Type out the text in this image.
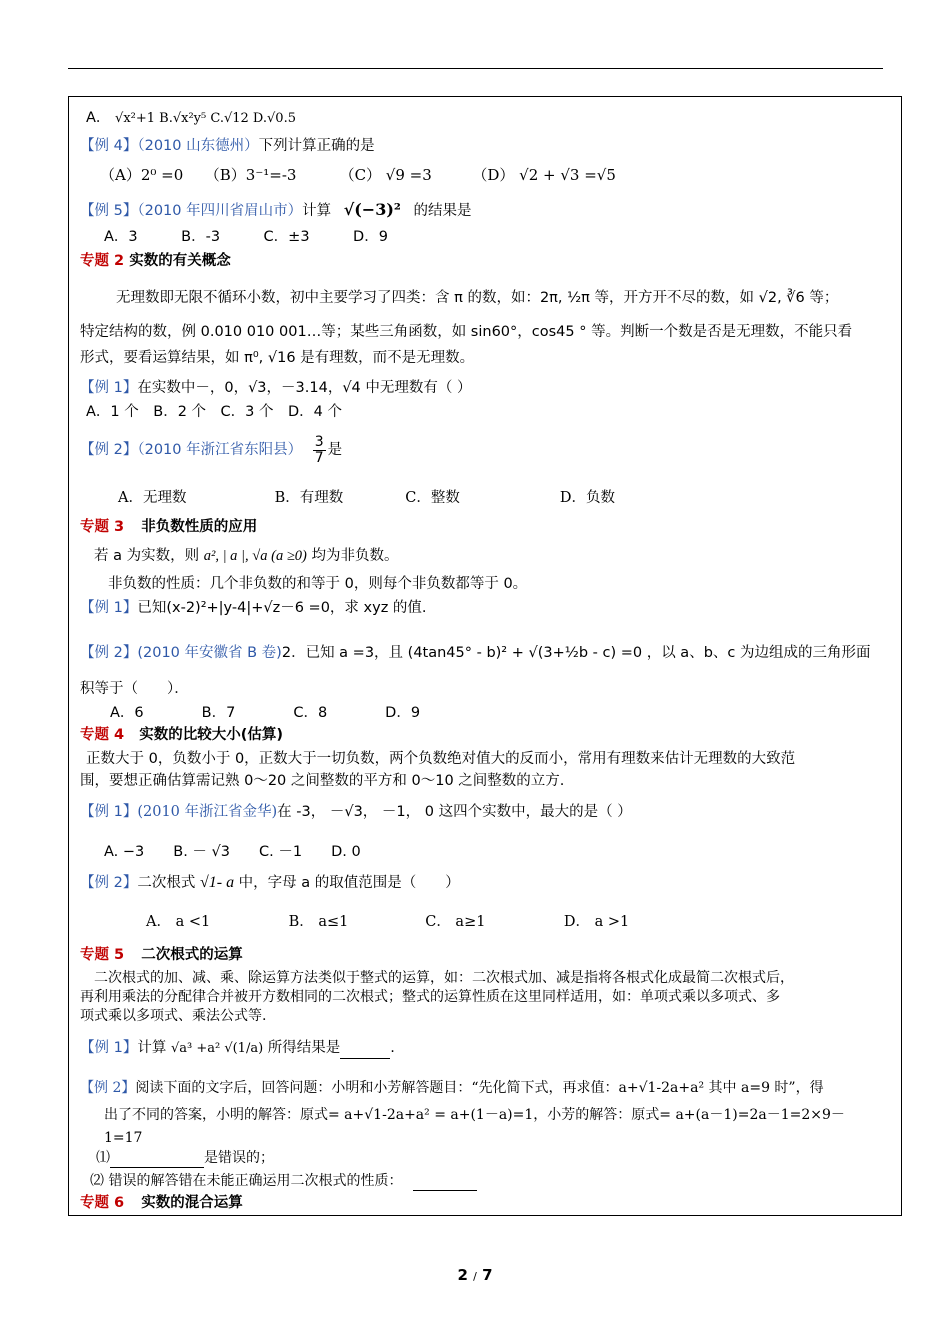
A． √x²+1 B.√x²y⁵ C.√12 D.√0.5
【例 4】（2010 山东德州）下列计算正确的是
（A）2⁰ =0 （B）3⁻¹=-3	（C） √9 =3	（D） √2 + √3 =√5
【例 5】（2010 年四川省眉山市）计算 √(−3)² 的结果是
A．3　　　B．-3　　　C．±3　　　D．9
专题 2 实数的有关概念
无理数即无限不循环小数，初中主要学习了四类：含 π 的数，如：2π, ½π 等，开方开不尽的数，如 √2, ∛6 等；
特定结构的数，例 0.010 010 001…等；某些三角函数，如 sin60°，cos45 ° 等。判断一个数是否是无理数，不能只看
形式，要看运算结果，如 π⁰, √16 是有理数，而不是无理数。
【例 1】在实数中－，0，√3，－3.14，√4 中无理数有（ ）
A．1 个　B．2 个　C．3 个　D．4 个
【例 2】（2010 年浙江省东阳县） $\frac{3}{7}$ 是
A．无理数	B．有理数	C．整数	D．负数
专题 3 非负数性质的应用
若 a 为实数，则 a², | a |, √a (a ≥0) 均为非负数。
非负数的性质：几个非负数的和等于 0，则每个非负数都等于 0。
【例 1】已知(x-2)²+|y-4|+√z－6 =0，求 xyz 的值.
【例 2】(2010 年安徽省 B 卷)2．已知 a =3，且 (4tan45° - b)² + √(3+½b - c) =0 ，以 a、b、c 为边组成的三角形面
积等于（　　）．
A．6　　　　B．7　　　　C．8　　　　D．9
专题 4 实数的比较大小(估算)
正数大于 0，负数小于 0，正数大于一切负数，两个负数绝对值大的反而小，常用有理数来估计无理数的大致范
围，要想正确估算需记熟 0～20 之间整数的平方和 0～10 之间整数的立方.
【例 1】(2010 年浙江省金华)在 -3， －√3， －1， 0 这四个实数中，最大的是（ ）
A. −3　　B. － √3　　C. －1　　D. 0
【例 2】二次根式 √1- a 中，字母 a 的取值范围是（　　）
A． a <1	B． a≤1	C． a≥1	D． a >1
专题 5 二次根式的运算
二次根式的加、减、乘、除运算方法类似于整式的运算，如：二次根式加、减是指将各根式化成最简二次根式后，
再利用乘法的分配律合并被开方数相同的二次根式；整式的运算性质在这里同样适用，如：单项式乘以多项式、多
项式乘以多项式、乘法公式等.
【例 1】计算 √a³ +a² √(1/a) 所得结果是	.
【例 2】阅读下面的文字后，回答问题：小明和小芳解答题目：“先化简下式，再求值：a+√1-2a+a² 其中 a=9 时”，得
出了不同的答案，小明的解答：原式= a+√1-2a+a² = a+(1－a)=1，小芳的解答：原式= a+(a－1)=2a－1=2×9－
1=17
⑴	是错误的；
⑵ 错误的解答错在未能正确运用二次根式的性质：
专题 6 实数的混合运算
2 / 7
